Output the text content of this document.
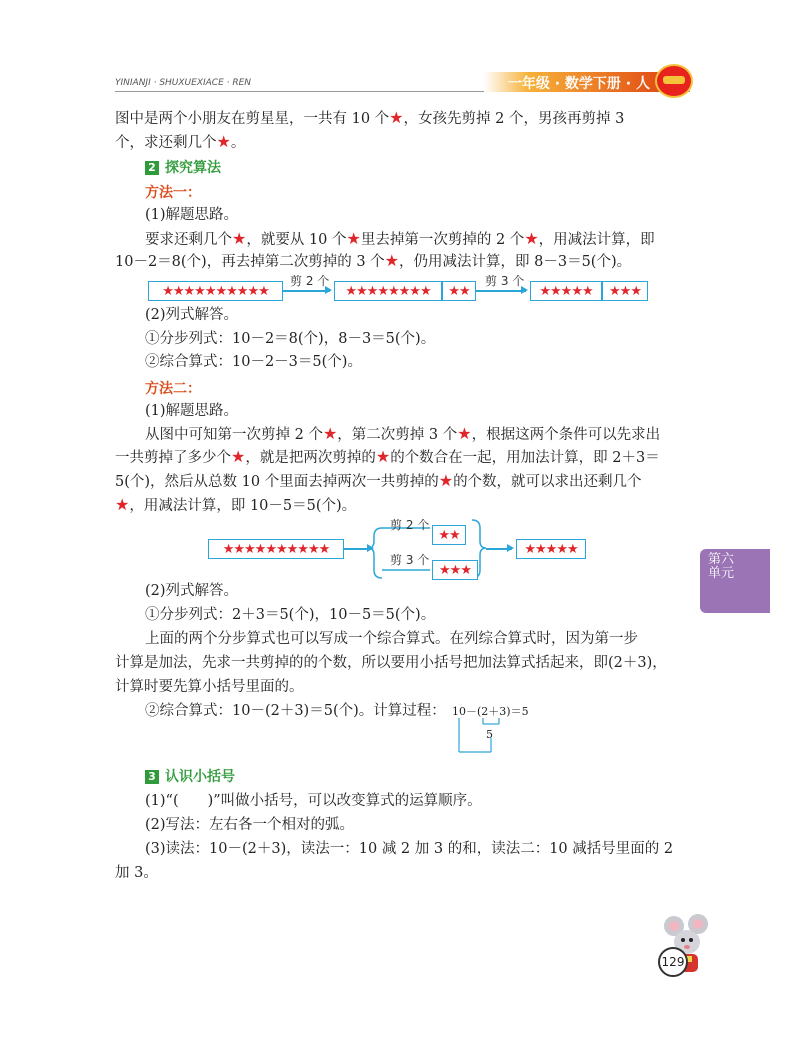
YINIANJI · SHUXUEXIACE · REN	一年级 · 数学下册 · 人
图中是两个小朋友在剪星星，一共有 10 个★，女孩先剪掉 2 个，男孩再剪掉 3
个，求还剩几个★。
2 探究算法
方法一：
(1)解题思路。
要求还剩几个★，就要从 10 个★里去掉第一次剪掉的 2 个★，用减法计算，即
10－2＝8(个)，再去掉第二次剪掉的 3 个★，仍用减法计算，即 8－3＝5(个)。
★★★★★★★★★★
剪 2 个
★★★★★★★★	★★
剪 3 个
★★★★★	★★★
(2)列式解答。
①分步列式：10－2＝8(个)，8－3＝5(个)。
②综合算式：10－2－3＝5(个)。
方法二：
(1)解题思路。
从图中可知第一次剪掉 2 个★，第二次剪掉 3 个★，根据这两个条件可以先求出
一共剪掉了多少个★，就是把两次剪掉的★的个数合在一起，用加法计算，即 2＋3＝
5(个)，然后从总数 10 个里面去掉两次一共剪掉的★的个数，就可以求出还剩几个
★，用减法计算，即 10－5＝5(个)。
★★★★★★★★★★
剪 2 个
★★
剪 3 个
★★★
★★★★★
(2)列式解答。
①分步列式：2＋3＝5(个)，10－5＝5(个)。
上面的两个分步算式也可以写成一个综合算式。在列综合算式时，因为第一步
计算是加法，先求一共剪掉的的个数，所以要用小括号把加法算式括起来，即(2＋3)，
计算时要先算小括号里面的。
②综合算式：10－(2＋3)＝5(个)。计算过程： 10－(2＋3)＝5
5
3 认识小括号
(1)“(　　)”叫做小括号，可以改变算式的运算顺序。
(2)写法：左右各一个相对的弧。
(3)读法：10－(2＋3)，读法一：10 减 2 加 3 的和，读法二：10 减括号里面的 2
加 3。
第六单元
129
